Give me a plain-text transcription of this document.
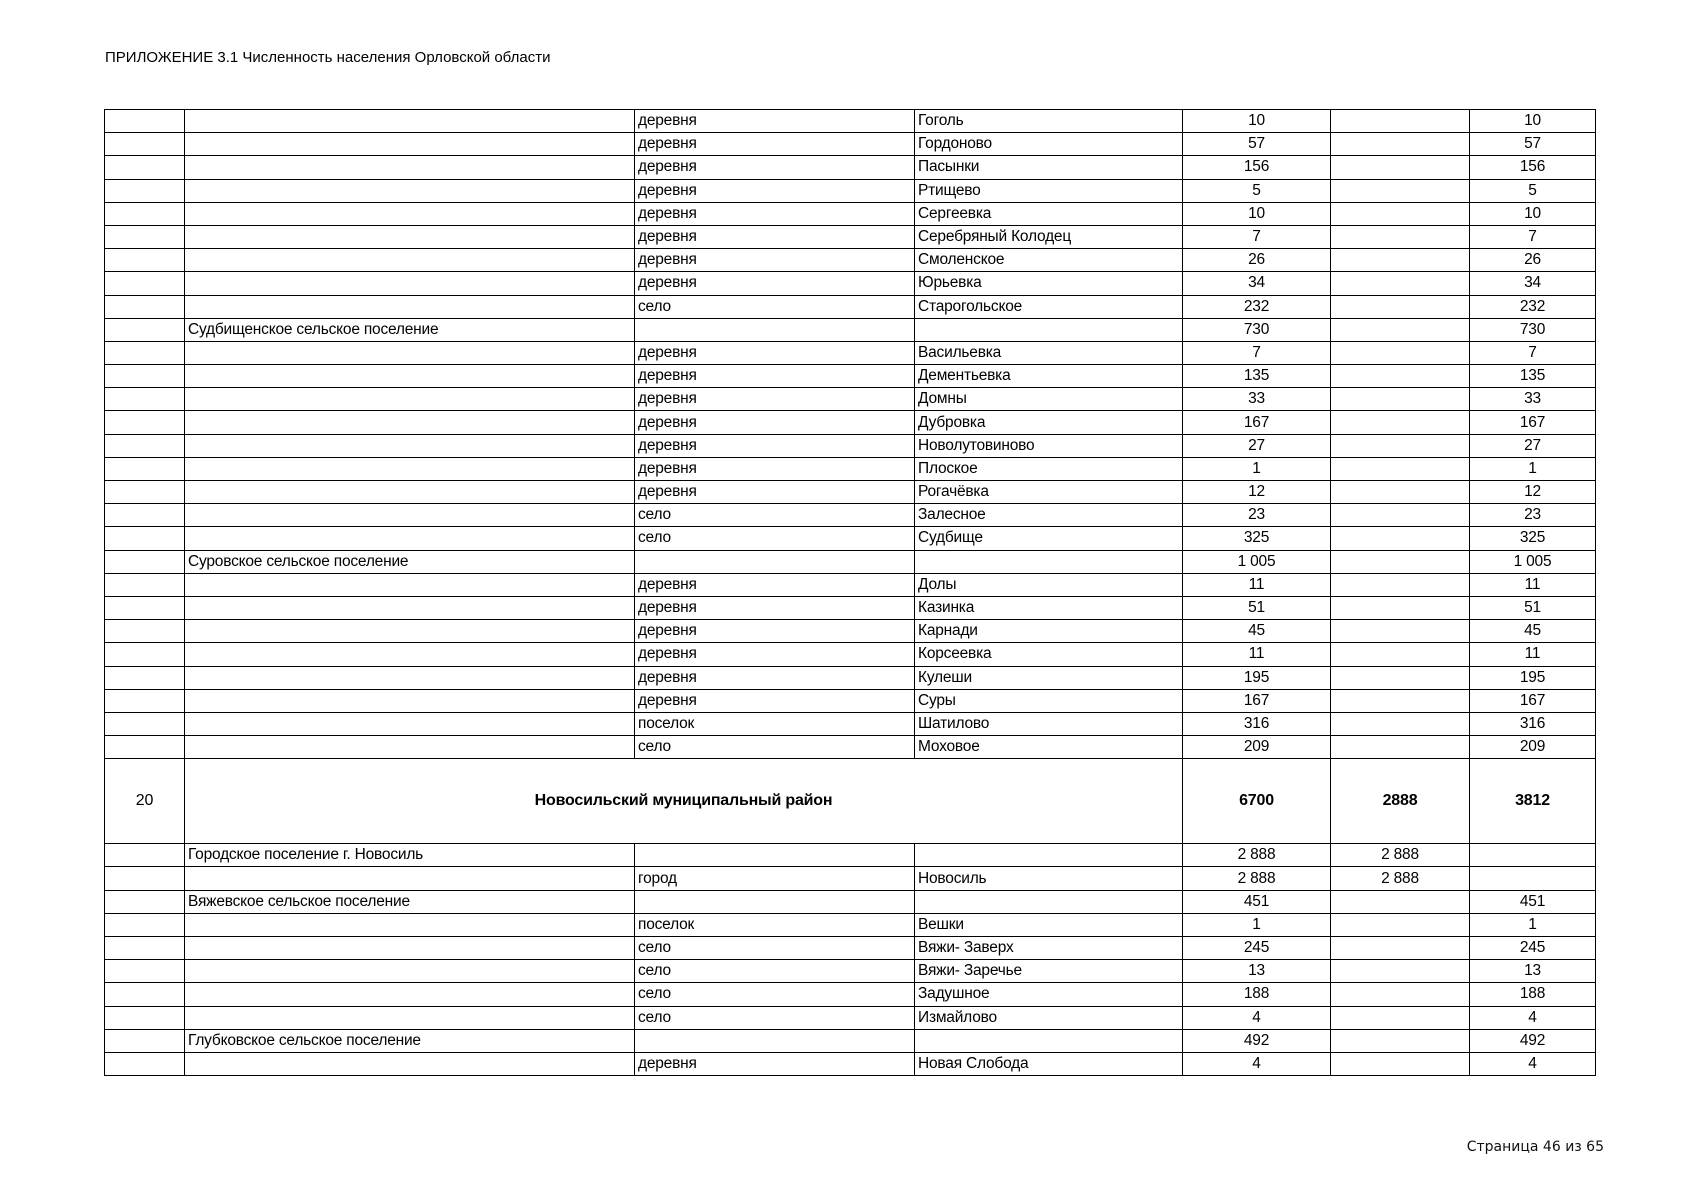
ПРИЛОЖЕНИЕ 3.1 Численность населения Орловской области
		деревня	Гоголь	10		10
		деревня	Гордоново	57		57
		деревня	Пасынки	156		156
		деревня	Ртищево	5		5
		деревня	Сергеевка	10		10
		деревня	Серебряный Колодец	7		7
		деревня	Смоленское	26		26
		деревня	Юрьевка	34		34
		село	Старогольское	232		232
	Судбищенское сельское поселение			730		730
		деревня	Васильевка	7		7
		деревня	Дементьевка	135		135
		деревня	Домны	33		33
		деревня	Дубровка	167		167
		деревня	Новолутовиново	27		27
		деревня	Плоское	1		1
		деревня	Рогачёвка	12		12
		село	Залесное	23		23
		село	Судбище	325		325
	Суровское сельское поселение			1 005		1 005
		деревня	Долы	11		11
		деревня	Казинка	51		51
		деревня	Карнади	45		45
		деревня	Корсеевка	11		11
		деревня	Кулеши	195		195
		деревня	Суры	167		167
		поселок	Шатилово	316		316
		село	Моховое	209		209
20	Новосильский муниципальный район			6700	2888	3812
	Городское поселение г. Новосиль			2 888	2 888	
		город	Новосиль	2 888	2 888	
	Вяжевское сельское поселение			451		451
		поселок	Вешки	1		1
		село	Вяжи- Заверх	245		245
		село	Вяжи- Заречье	13		13
		село	Задушное	188		188
		село	Измайлово	4		4
	Глубковское сельское поселение			492		492
		деревня	Новая Слобода	4		4
Страница 46 из 65
